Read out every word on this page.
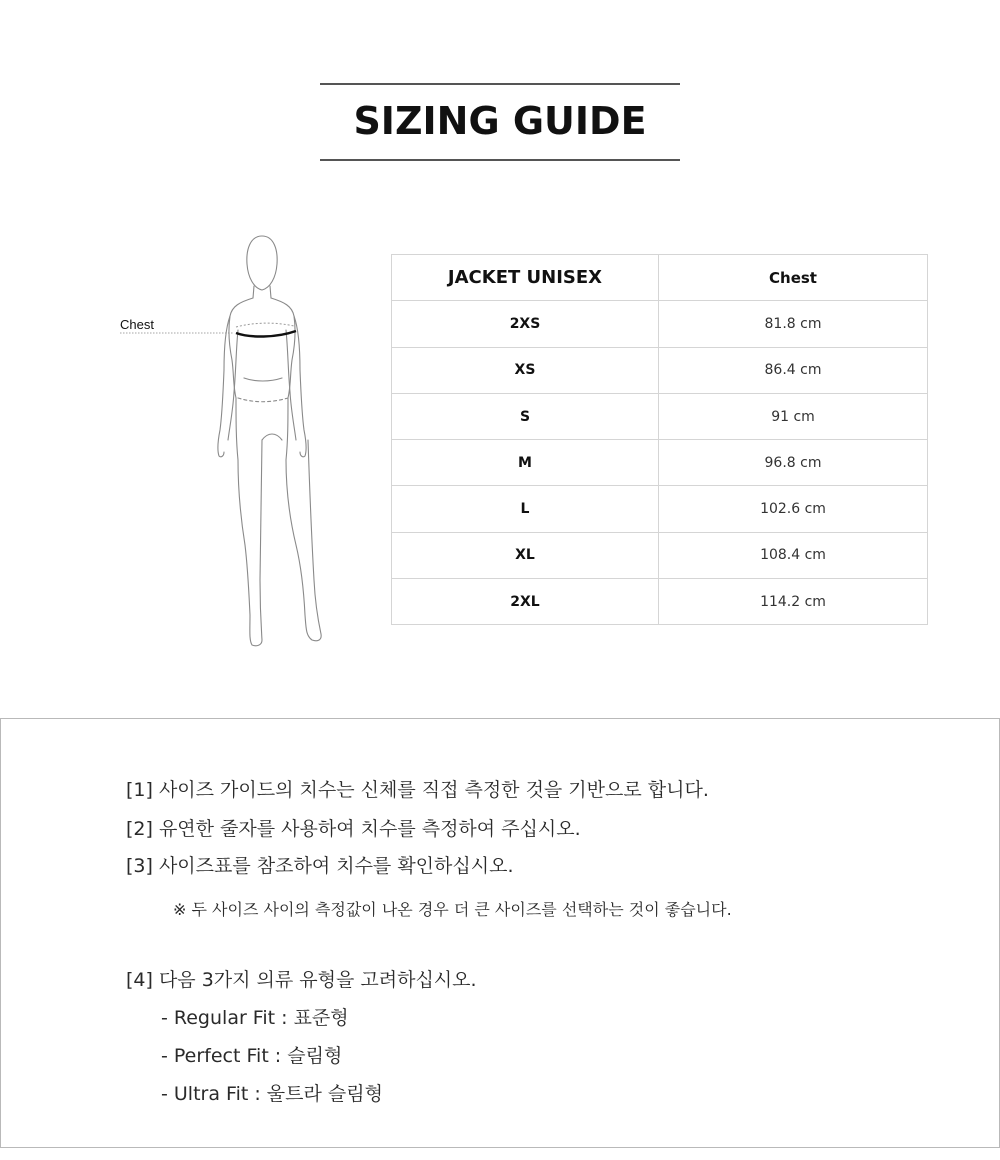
SIZING GUIDE
Chest
JACKET UNISEX	Chest
2XS	81.8 cm
XS	86.4 cm
S	91 cm
M	96.8 cm
L	102.6 cm
XL	108.4 cm
2XL	114.2 cm
[1] 사이즈 가이드의 치수는 신체를 직접 측정한 것을 기반으로 합니다.
[2] 유연한 줄자를 사용하여 치수를 측정하여 주십시오.
[3] 사이즈표를 참조하여 치수를 확인하십시오.
※ 두 사이즈 사이의 측정값이 나온 경우 더 큰 사이즈를 선택하는 것이 좋습니다.
[4] 다음 3가지 의류 유형을 고려하십시오.
- Regular Fit : 표준형
- Perfect Fit : 슬림형
- Ultra Fit : 울트라 슬림형
